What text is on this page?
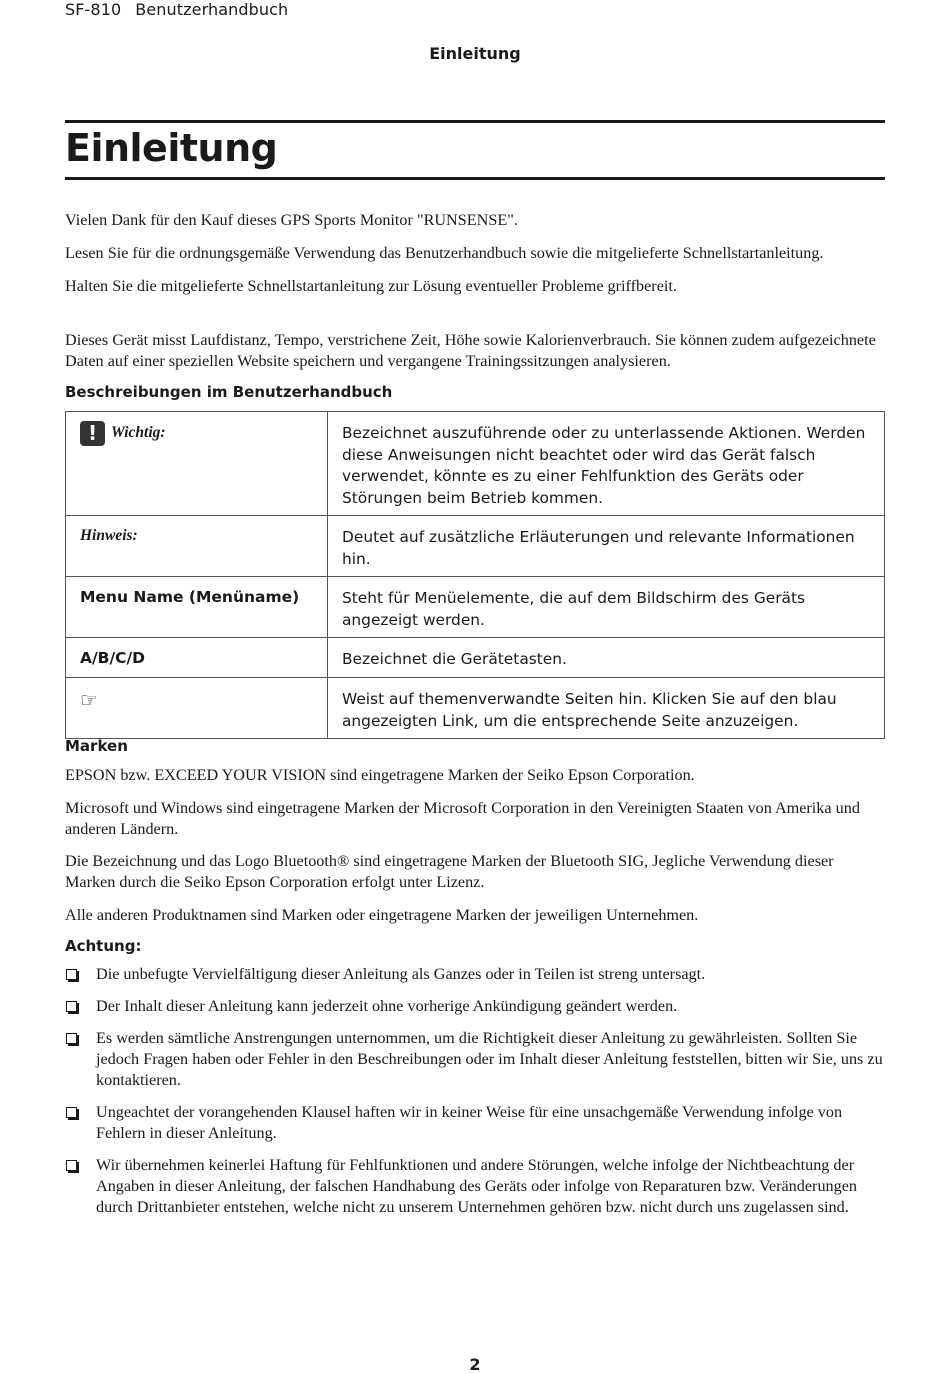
SF-810 Benutzerhandbuch
Einleitung
Einleitung

Vielen Dank für den Kauf dieses GPS Sports Monitor "RUNSENSE".

Lesen Sie für die ordnungsgemäße Verwendung das Benutzerhandbuch sowie die mitgelieferte Schnellstartanleitung.

Halten Sie die mitgelieferte Schnellstartanleitung zur Lösung eventueller Probleme griffbereit.

Dieses Gerät misst Laufdistanz, Tempo, verstrichene Zeit, Höhe sowie Kalorienverbrauch. Sie können zudem aufgezeichnete Daten auf einer speziellen Website speichern und vergangene Trainingssitzungen analysieren.

Beschreibungen im Benutzerhandbuch
! Wichtig:	Bezeichnet auszuführende oder zu unterlassende Aktionen. Werden diese Anweisungen nicht beachtet oder wird das Gerät falsch verwendet, könnte es zu einer Fehlfunktion des Geräts oder Störungen beim Betrieb kommen.

Hinweis:	Deutet auf zusätzliche Erläuterungen und relevante Informationen hin.

Menu Name (Menüname)	Steht für Menüelemente, die auf dem Bildschirm des Geräts angezeigt werden.

A/B/C/D	Bezeichnet die Gerätetasten.

☞	Weist auf themenverwandte Seiten hin. Klicken Sie auf den blau angezeigten Link, um die entsprechende Seite anzuzeigen.
Marken

EPSON bzw. EXCEED YOUR VISION sind eingetragene Marken der Seiko Epson Corporation.

Microsoft und Windows sind eingetragene Marken der Microsoft Corporation in den Vereinigten Staaten von Amerika und anderen Ländern.

Die Bezeichnung und das Logo Bluetooth® sind eingetragene Marken der Bluetooth SIG, Jegliche Verwendung dieser Marken durch die Seiko Epson Corporation erfolgt unter Lizenz.

Alle anderen Produktnamen sind Marken oder eingetragene Marken der jeweiligen Unternehmen.

Achtung:
Die unbefugte Vervielfältigung dieser Anleitung als Ganzes oder in Teilen ist streng untersagt.
Der Inhalt dieser Anleitung kann jederzeit ohne vorherige Ankündigung geändert werden.
Es werden sämtliche Anstrengungen unternommen, um die Richtigkeit dieser Anleitung zu gewährleisten. Sollten Sie jedoch Fragen haben oder Fehler in den Beschreibungen oder im Inhalt dieser Anleitung feststellen, bitten wir Sie, uns zu kontaktieren.
Ungeachtet der vorangehenden Klausel haften wir in keiner Weise für eine unsachgemäße Verwendung infolge von Fehlern in dieser Anleitung.
Wir übernehmen keinerlei Haftung für Fehlfunktionen und andere Störungen, welche infolge der Nichtbeachtung der Angaben in dieser Anleitung, der falschen Handhabung des Geräts oder infolge von Reparaturen bzw. Veränderungen durch Drittanbieter entstehen, welche nicht zu unserem Unternehmen gehören bzw. nicht durch uns zugelassen sind.
2
